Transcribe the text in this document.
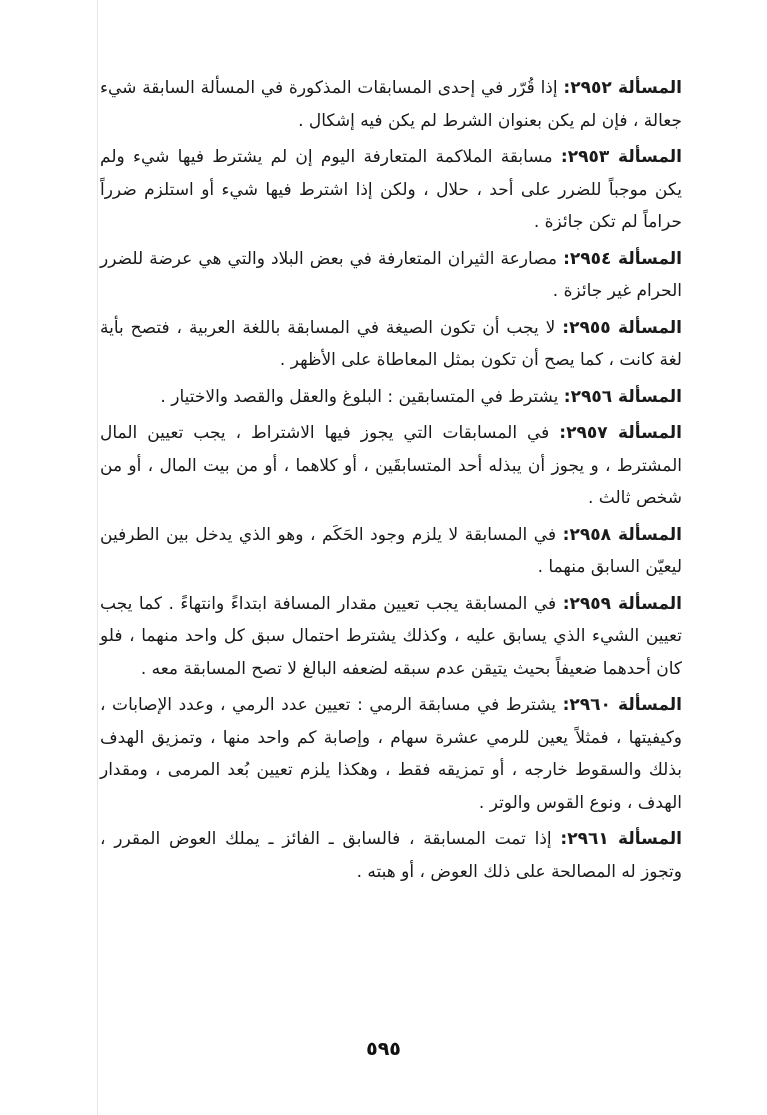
المسألة ٢٩٥٢: إذا قُرّر في إحدى المسابقات المذكورة في المسألة السابقة شيء جعالة ، فإن لم يكن بعنوان الشرط لم يكن فيه إشكال .

المسألة ٢٩٥٣: مسابقة الملاكمة المتعارفة اليوم إن لم يشترط فيها شيء ولم يكن موجباً للضرر على أحد ، حلال ، ولكن إذا اشترط فيها شيء أو استلزم ضرراً حراماً لم تكن جائزة .

المسألة ٢٩٥٤: مصارعة الثيران المتعارفة في بعض البلاد والتي هي عرضة للضرر الحرام غير جائزة .

المسألة ٢٩٥٥: لا يجب أن تكون الصيغة في المسابقة باللغة العربية ، فتصح بأية لغة كانت ، كما يصح أن تكون بمثل المعاطاة على الأظهر .

المسألة ٢٩٥٦: يشترط في المتسابقين : البلوغ والعقل والقصد والاختيار .

المسألة ٢٩٥٧: في المسابقات التي يجوز فيها الاشتراط ، يجب تعيين المال المشترط ، و يجوز أن يبذله أحد المتسابقَين ، أو كلاهما ، أو من بيت المال ، أو من شخص ثالث .

المسألة ٢٩٥٨: في المسابقة لا يلزم وجود الحَكَم ، وهو الذي يدخل بين الطرفين ليعيّن السابق منهما .

المسألة ٢٩٥٩: في المسابقة يجب تعيين مقدار المسافة ابتداءً وانتهاءً . كما يجب تعيين الشيء الذي يسابق عليه ، وكذلك يشترط احتمال سبق كل واحد منهما ، فلو كان أحدهما ضعيفاً بحيث يتيقن عدم سبقه لضعفه البالغ لا تصح المسابقة معه .

المسألة ٢٩٦٠: يشترط في مسابقة الرمي : تعيين عدد الرمي ، وعدد الإصابات ، وكيفيتها ، فمثلاً يعين للرمي عشرة سهام ، وإصابة كم واحد منها ، وتمزيق الهدف بذلك والسقوط خارجه ، أو تمزيقه فقط ، وهكذا يلزم تعيين بُعد المرمى ، ومقدار الهدف ، ونوع القوس والوتر .

المسألة ٢٩٦١: إذا تمت المسابقة ، فالسابق ـ الفائز ـ يملك العوض المقرر ، وتجوز له المصالحة على ذلك العوض ، أو هبته .

٥٩٥
